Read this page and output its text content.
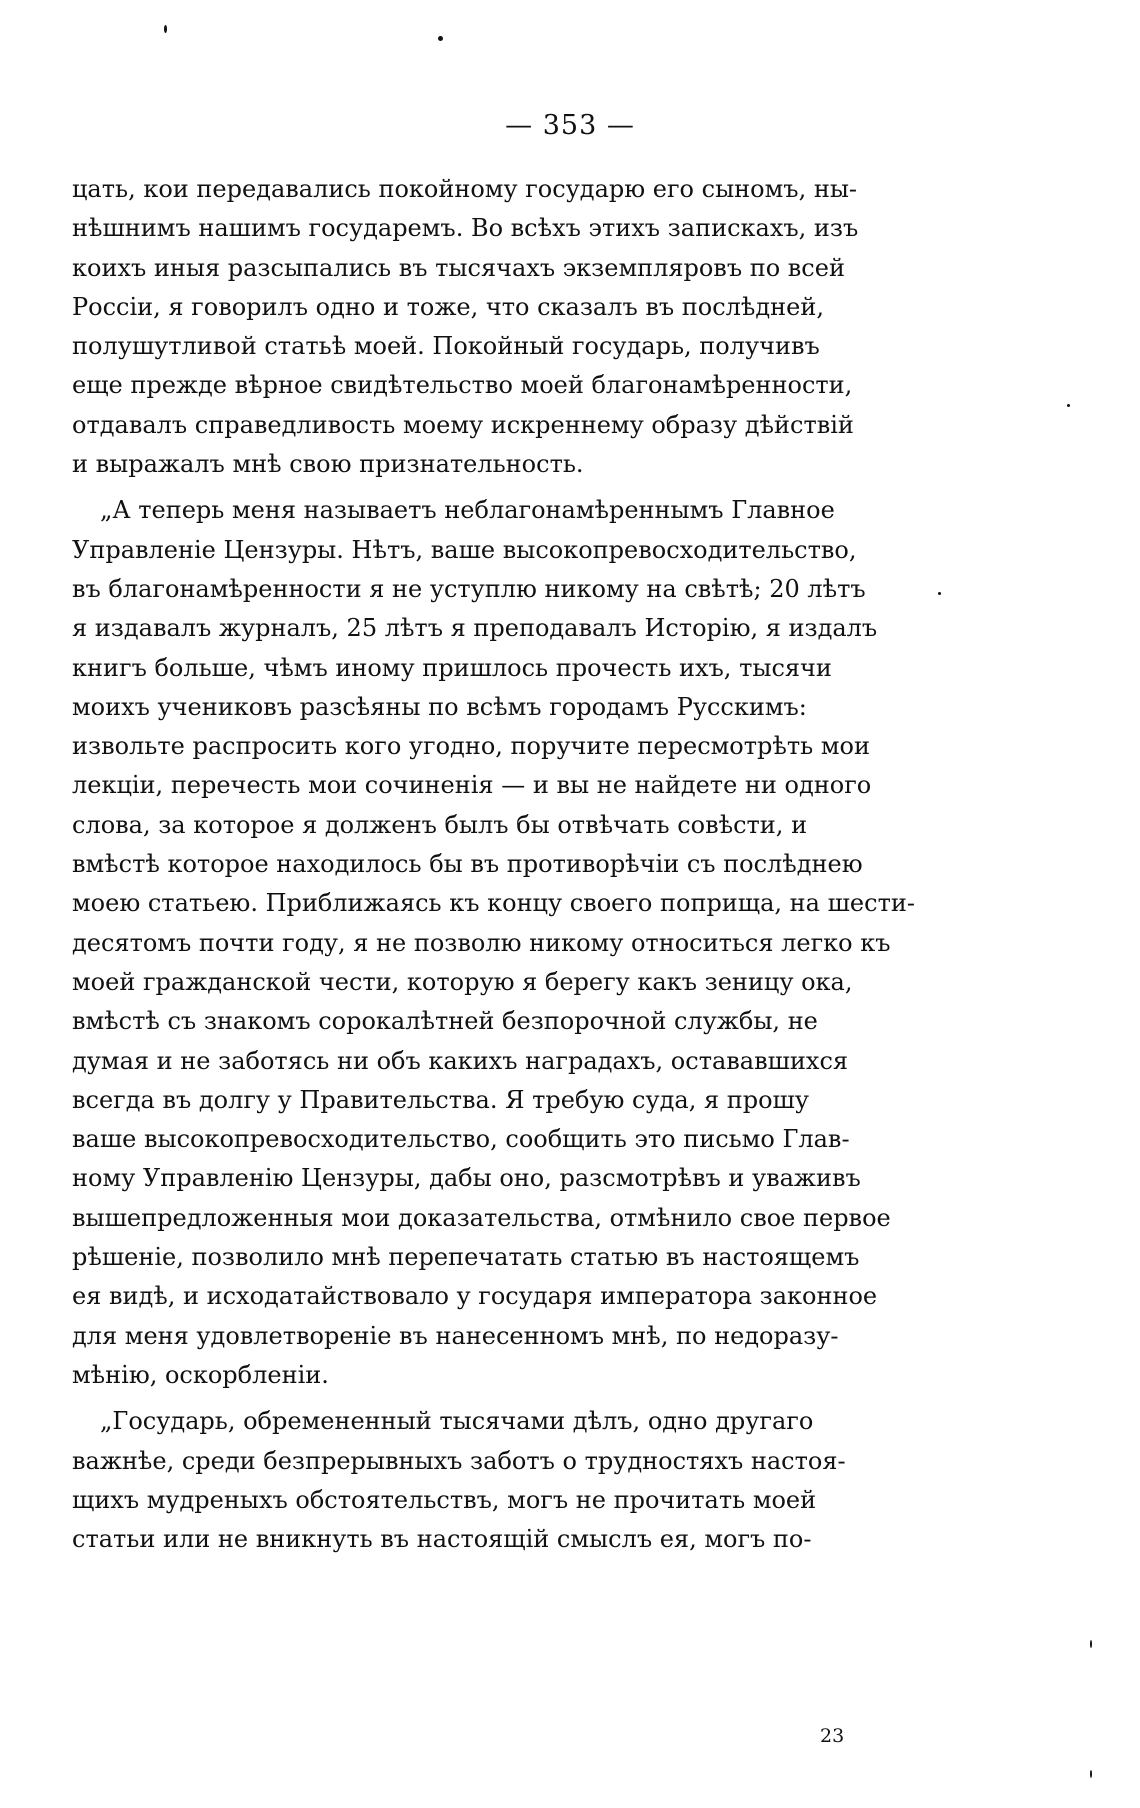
— 353 —

цать, кои передавались покойному государю его сыномъ, ны-
нѣшнимъ нашимъ государемъ. Во всѣхъ этихъ запискахъ, изъ
коихъ иныя разсыпались въ тысячахъ экземпляровъ по всей
Россіи, я говорилъ одно и тоже, что сказалъ въ послѣдней,
полушутливой статьѣ моей. Покойный государь, получивъ
еще прежде вѣрное свидѣтельство моей благонамѣренности,
отдавалъ справедливость моему искреннему образу дѣйствій
и выражалъ мнѣ свою признательность.

„А теперь меня называетъ неблагонамѣреннымъ Главное
Управленіе Цензуры. Нѣтъ, ваше высокопревосходительство,
въ благонамѣренности я не уступлю никому на свѣтѣ; 20 лѣтъ
я издавалъ журналъ, 25 лѣтъ я преподавалъ Исторію, я издалъ
книгъ больше, чѣмъ иному пришлось прочесть ихъ, тысячи
моихъ учениковъ разсѣяны по всѣмъ городамъ Русскимъ:
извольте распросить кого угодно, поручите пересмотрѣть мои
лекціи, перечесть мои сочиненія — и вы не найдете ни одного
слова, за которое я долженъ былъ бы отвѣчать совѣсти, и
вмѣстѣ которое находилось бы въ противорѣчіи съ послѣднею
моею статьею. Приближаясь къ концу своего поприща, на шести-
десятомъ почти году, я не позволю никому относиться легко къ
моей гражданской чести, которую я берегу какъ зеницу ока,
вмѣстѣ съ знакомъ сорокалѣтней безпорочной службы, не
думая и не заботясь ни объ какихъ наградахъ, остававшихся
всегда въ долгу у Правительства. Я требую суда, я прошу
ваше высокопревосходительство, сообщить это письмо Глав-
ному Управленію Цензуры, дабы оно, разсмотрѣвъ и уваживъ
вышепредложенныя мои доказательства, отмѣнило свое первое
рѣшеніе, позволило мнѣ перепечатать статью въ настоящемъ
ея видѣ, и исходатайствовало у государя императора законное
для меня удовлетвореніе въ нанесенномъ мнѣ, по недоразу-
мѣнію, оскорбленіи.

„Государь, обремененный тысячами дѣлъ, одно другаго
важнѣе, среди безпрерывныхъ заботъ о трудностяхъ настоя-
щихъ мудреныхъ обстоятельствъ, могъ не прочитать моей
статьи или не вникнуть въ настоящій смыслъ ея, могъ по-

23
